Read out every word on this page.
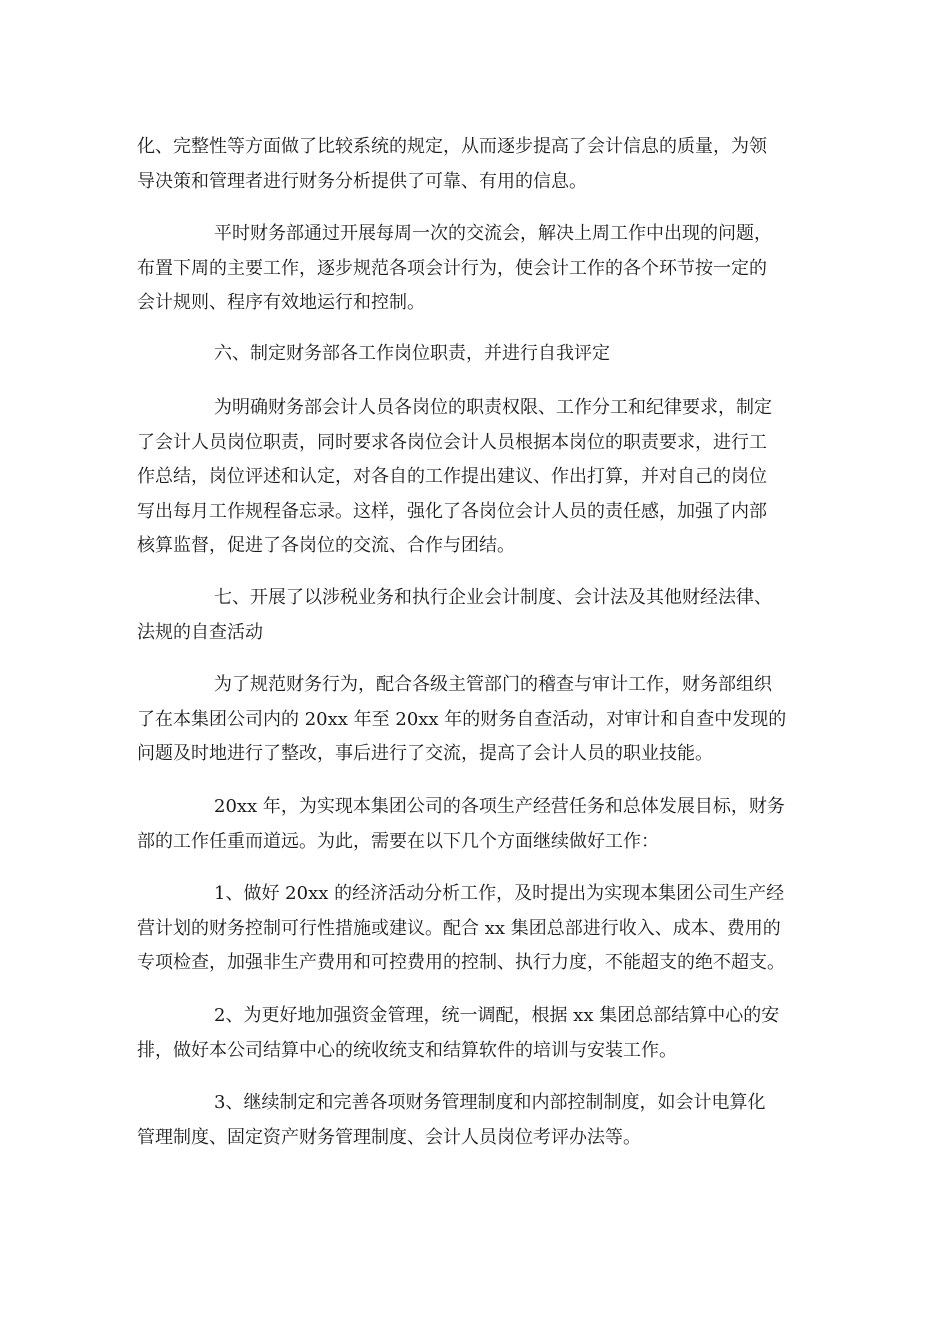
化、完整性等方面做了比较系统的规定，从而逐步提高了会计信息的质量，为领
导决策和管理者进行财务分析提供了可靠、有用的信息。
平时财务部通过开展每周一次的交流会，解决上周工作中出现的问题，
布置下周的主要工作，逐步规范各项会计行为，使会计工作的各个环节按一定的
会计规则、程序有效地运行和控制。
六、制定财务部各工作岗位职责，并进行自我评定
为明确财务部会计人员各岗位的职责权限、工作分工和纪律要求，制定
了会计人员岗位职责，同时要求各岗位会计人员根据本岗位的职责要求，进行工
作总结，岗位评述和认定，对各自的工作提出建议、作出打算，并对自己的岗位
写出每月工作规程备忘录。这样，强化了各岗位会计人员的责任感，加强了内部
核算监督，促进了各岗位的交流、合作与团结。
七、开展了以涉税业务和执行企业会计制度、会计法及其他财经法律、
法规的自查活动
为了规范财务行为，配合各级主管部门的稽查与审计工作，财务部组织
了在本集团公司内的 20xx 年至 20xx 年的财务自查活动，对审计和自查中发现的
问题及时地进行了整改，事后进行了交流，提高了会计人员的职业技能。
20xx 年，为实现本集团公司的各项生产经营任务和总体发展目标，财务
部的工作任重而道远。为此，需要在以下几个方面继续做好工作：
1、做好 20xx 的经济活动分析工作，及时提出为实现本集团公司生产经
营计划的财务控制可行性措施或建议。配合 xx 集团总部进行收入、成本、费用的
专项检查，加强非生产费用和可控费用的控制、执行力度，不能超支的绝不超支。
2、为更好地加强资金管理，统一调配，根据 xx 集团总部结算中心的安
排，做好本公司结算中心的统收统支和结算软件的培训与安装工作。
3、继续制定和完善各项财务管理制度和内部控制制度，如会计电算化
管理制度、固定资产财务管理制度、会计人员岗位考评办法等。
